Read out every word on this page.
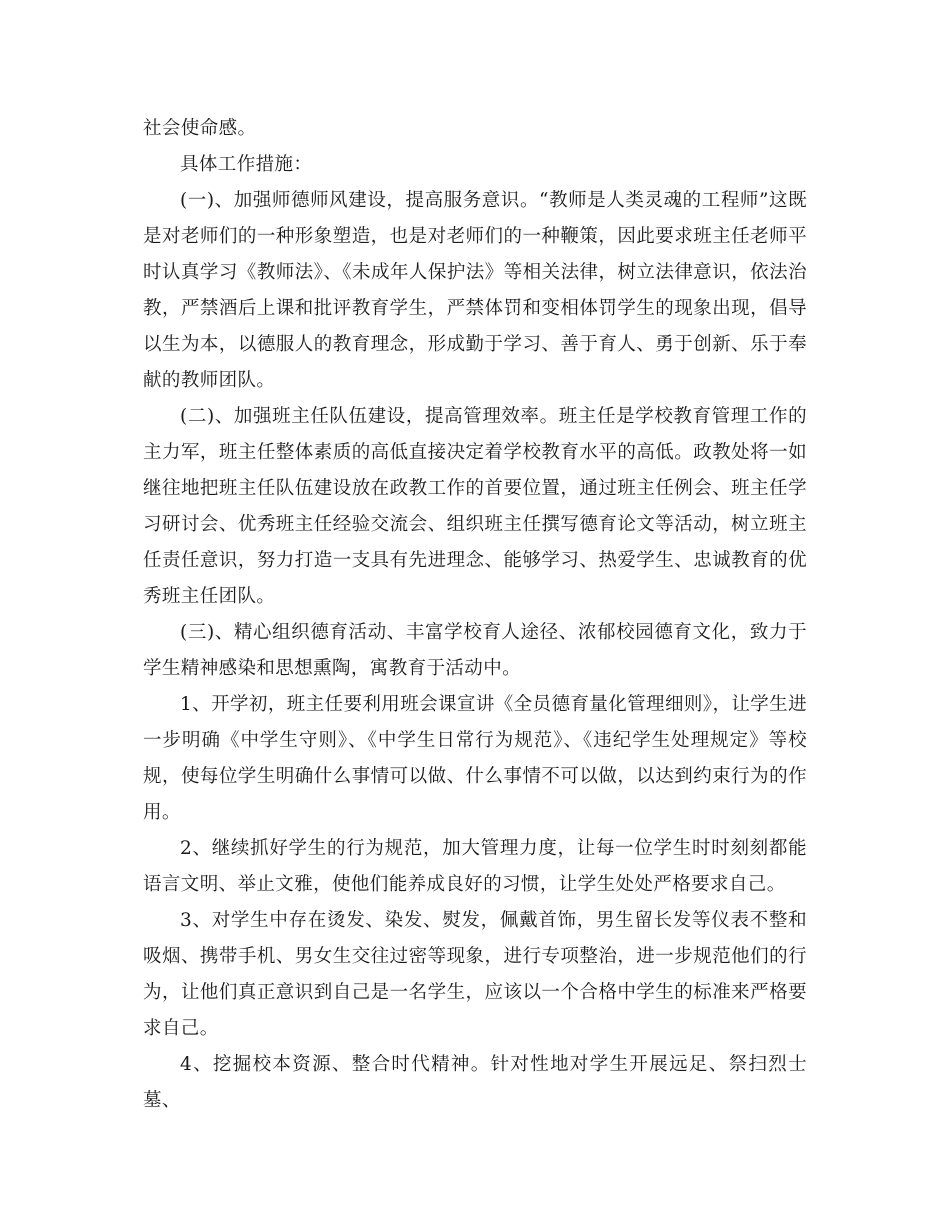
社会使命感。

具体工作措施：

(一)、加强师德师风建设，提高服务意识。“教师是人类灵魂的工程师”这既是对老师们的一种形象塑造，也是对老师们的一种鞭策，因此要求班主任老师平时认真学习《教师法》、《未成年人保护法》等相关法律，树立法律意识，依法治教，严禁酒后上课和批评教育学生，严禁体罚和变相体罚学生的现象出现，倡导以生为本，以德服人的教育理念，形成勤于学习、善于育人、勇于创新、乐于奉献的教师团队。

(二)、加强班主任队伍建设，提高管理效率。班主任是学校教育管理工作的主力军，班主任整体素质的高低直接决定着学校教育水平的高低。政教处将一如继往地把班主任队伍建设放在政教工作的首要位置，通过班主任例会、班主任学习研讨会、优秀班主任经验交流会、组织班主任撰写德育论文等活动，树立班主任责任意识，努力打造一支具有先进理念、能够学习、热爱学生、忠诚教育的优秀班主任团队。

(三)、精心组织德育活动、丰富学校育人途径、浓郁校园德育文化，致力于学生精神感染和思想熏陶，寓教育于活动中。

1、开学初，班主任要利用班会课宣讲《全员德育量化管理细则》，让学生进一步明确《中学生守则》、《中学生日常行为规范》、《违纪学生处理规定》等校规，使每位学生明确什么事情可以做、什么事情不可以做，以达到约束行为的作用。

2、继续抓好学生的行为规范，加大管理力度，让每一位学生时时刻刻都能语言文明、举止文雅，使他们能养成良好的习惯，让学生处处严格要求自己。

3、对学生中存在烫发、染发、熨发，佩戴首饰，男生留长发等仪表不整和吸烟、携带手机、男女生交往过密等现象，进行专项整治，进一步规范他们的行为，让他们真正意识到自己是一名学生，应该以一个合格中学生的标准来严格要求自己。

4、挖掘校本资源、整合时代精神。针对性地对学生开展远足、祭扫烈士墓、
